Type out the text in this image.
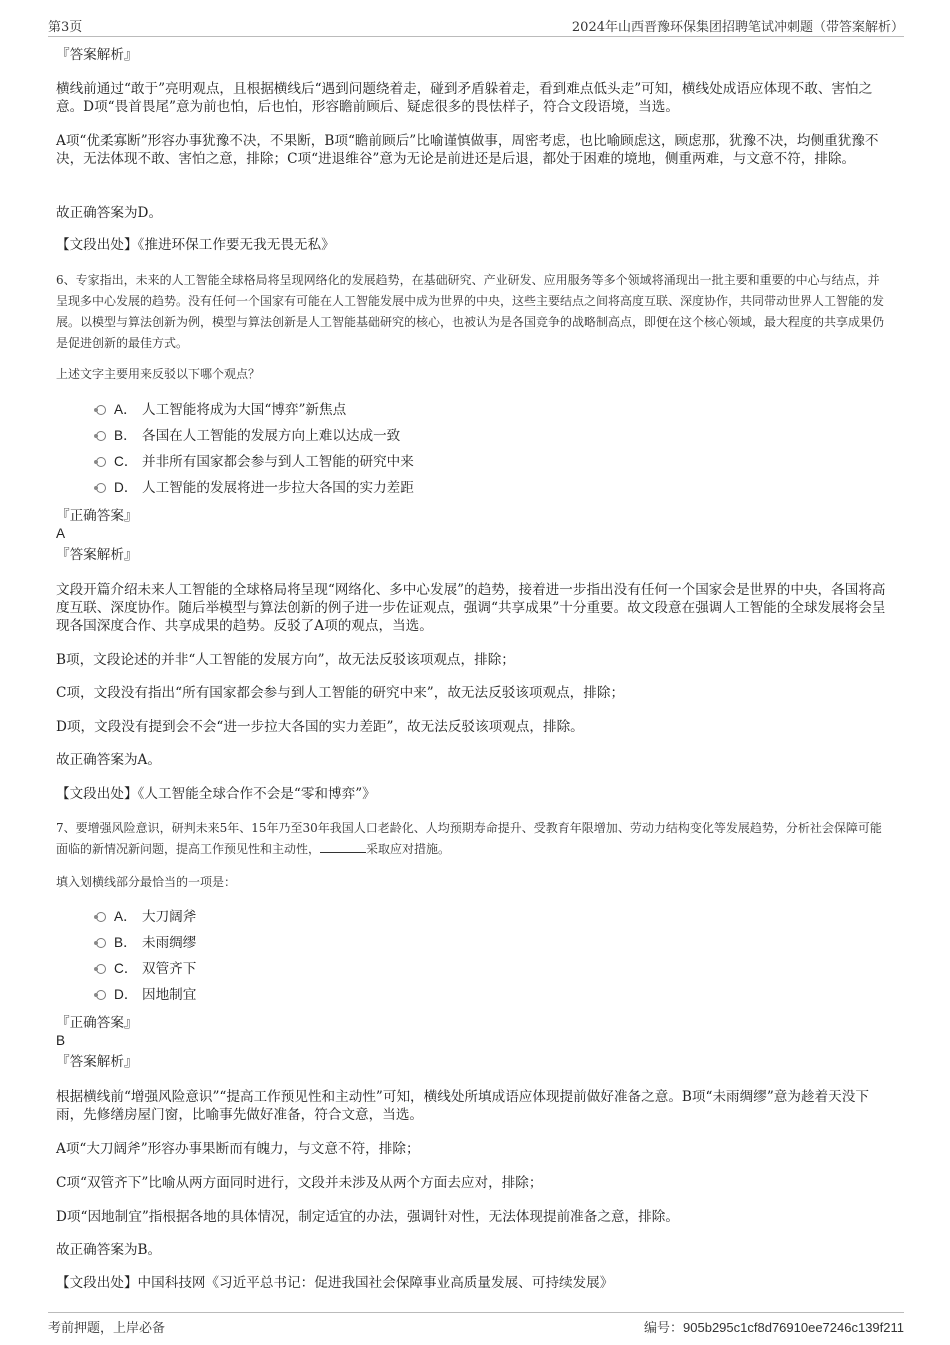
第3页	2024年山西晋豫环保集团招聘笔试冲刺题（带答案解析）

『答案解析』

横线前通过“敢于”亮明观点，且根据横线后“遇到问题绕着走，碰到矛盾躲着走，看到难点低头走”可知，横线处成语应体现不敢、害怕之意。D项“畏首畏尾”意为前也怕，后也怕，形容瞻前顾后、疑虑很多的畏怯样子，符合文段语境，当选。

A项“优柔寡断”形容办事犹豫不决，不果断，B项“瞻前顾后”比喻谨慎做事，周密考虑，也比喻顾虑这，顾虑那，犹豫不决，均侧重犹豫不决，无法体现不敢、害怕之意，排除；C项“进退维谷”意为无论是前进还是后退，都处于困难的境地，侧重两难，与文意不符，排除。

故正确答案为D。

【文段出处】《推进环保工作要无我无畏无私》

6、专家指出，未来的人工智能全球格局将呈现网络化的发展趋势，在基础研究、产业研发、应用服务等多个领域将涌现出一批主要和重要的中心与结点，并呈现多中心发展的趋势。没有任何一个国家有可能在人工智能发展中成为世界的中央，这些主要结点之间将高度互联、深度协作，共同带动世界人工智能的发展。以模型与算法创新为例，模型与算法创新是人工智能基础研究的核心，也被认为是各国竞争的战略制高点，即便在这个核心领域，最大程度的共享成果仍是促进创新的最佳方式。

上述文字主要用来反驳以下哪个观点？

A． 人工智能将成为大国“博弈”新焦点
B． 各国在人工智能的发展方向上难以达成一致
C． 并非所有国家都会参与到人工智能的研究中来
D． 人工智能的发展将进一步拉大各国的实力差距

『正确答案』

A

『答案解析』

文段开篇介绍未来人工智能的全球格局将呈现“网络化、多中心发展”的趋势，接着进一步指出没有任何一个国家会是世界的中央，各国将高度互联、深度协作。随后举模型与算法创新的例子进一步佐证观点，强调“共享成果”十分重要。故文段意在强调人工智能的全球发展将会呈现各国深度合作、共享成果的趋势。反驳了A项的观点，当选。

B项，文段论述的并非“人工智能的发展方向”，故无法反驳该项观点，排除；

C项，文段没有指出“所有国家都会参与到人工智能的研究中来”，故无法反驳该项观点，排除；

D项，文段没有提到会不会“进一步拉大各国的实力差距”，故无法反驳该项观点，排除。

故正确答案为A。

【文段出处】《人工智能全球合作不会是“零和博弈”》

7、要增强风险意识，研判未来5年、15年乃至30年我国人口老龄化、人均预期寿命提升、受教育年限增加、劳动力结构变化等发展趋势，分析社会保障可能面临的新情况新问题，提高工作预见性和主动性，	采取应对措施。

填入划横线部分最恰当的一项是：

A． 大刀阔斧
B． 未雨绸缪
C． 双管齐下
D． 因地制宜

『正确答案』

B

『答案解析』

根据横线前“增强风险意识”“提高工作预见性和主动性”可知，横线处所填成语应体现提前做好准备之意。B项“未雨绸缪”意为趁着天没下雨，先修缮房屋门窗，比喻事先做好准备，符合文意，当选。

A项“大刀阔斧”形容办事果断而有魄力，与文意不符，排除；

C项“双管齐下”比喻从两方面同时进行，文段并未涉及从两个方面去应对，排除；

D项“因地制宜”指根据各地的具体情况，制定适宜的办法，强调针对性，无法体现提前准备之意，排除。

故正确答案为B。

【文段出处】中国科技网《习近平总书记：促进我国社会保障事业高质量发展、可持续发展》

考前押题，上岸必备	编号：905b295c1cf8d76910ee7246c139f211
